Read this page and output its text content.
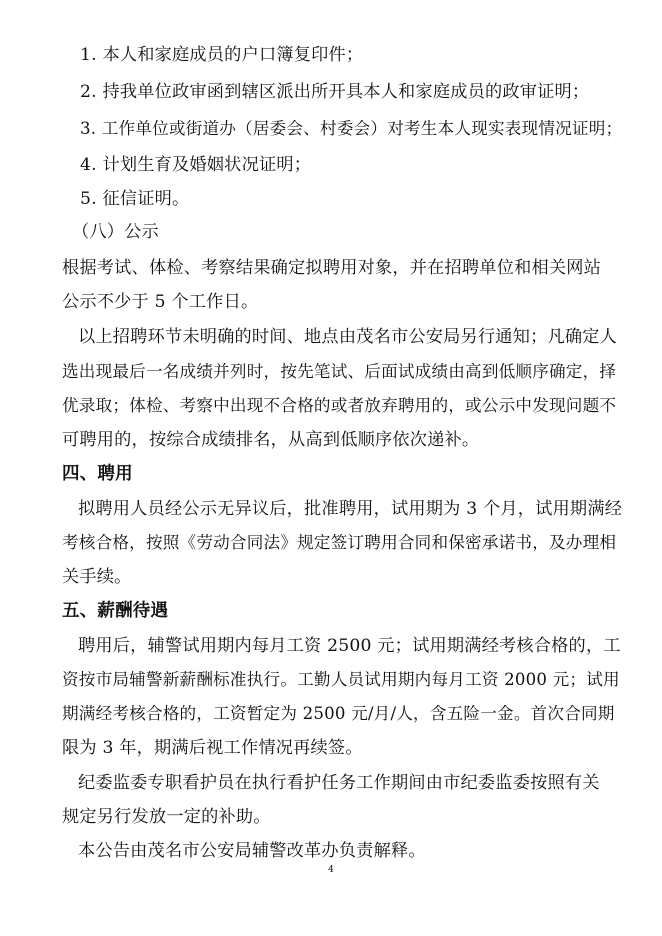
1. 本人和家庭成员的户口簿复印件；
2. 持我单位政审函到辖区派出所开具本人和家庭成员的政审证明；
3. 工作单位或街道办（居委会、村委会）对考生本人现实表现情况证明；
4. 计划生育及婚姻状况证明；
5. 征信证明。
（八）公示
根据考试、体检、考察结果确定拟聘用对象，并在招聘单位和相关网站
公示不少于 5 个工作日。
以上招聘环节未明确的时间、地点由茂名市公安局另行通知；凡确定人
选出现最后一名成绩并列时，按先笔试、后面试成绩由高到低顺序确定，择
优录取；体检、考察中出现不合格的或者放弃聘用的，或公示中发现问题不
可聘用的，按综合成绩排名，从高到低顺序依次递补。
四、聘用
拟聘用人员经公示无异议后，批准聘用，试用期为 3 个月，试用期满经
考核合格，按照《劳动合同法》规定签订聘用合同和保密承诺书，及办理相
关手续。
五、薪酬待遇
聘用后，辅警试用期内每月工资 2500 元；试用期满经考核合格的，工
资按市局辅警新薪酬标准执行。工勤人员试用期内每月工资 2000 元；试用
期满经考核合格的，工资暂定为 2500 元/月/人，含五险一金。首次合同期
限为 3 年，期满后视工作情况再续签。
纪委监委专职看护员在执行看护任务工作期间由市纪委监委按照有关
规定另行发放一定的补助。
本公告由茂名市公安局辅警改革办负责解释。
4
